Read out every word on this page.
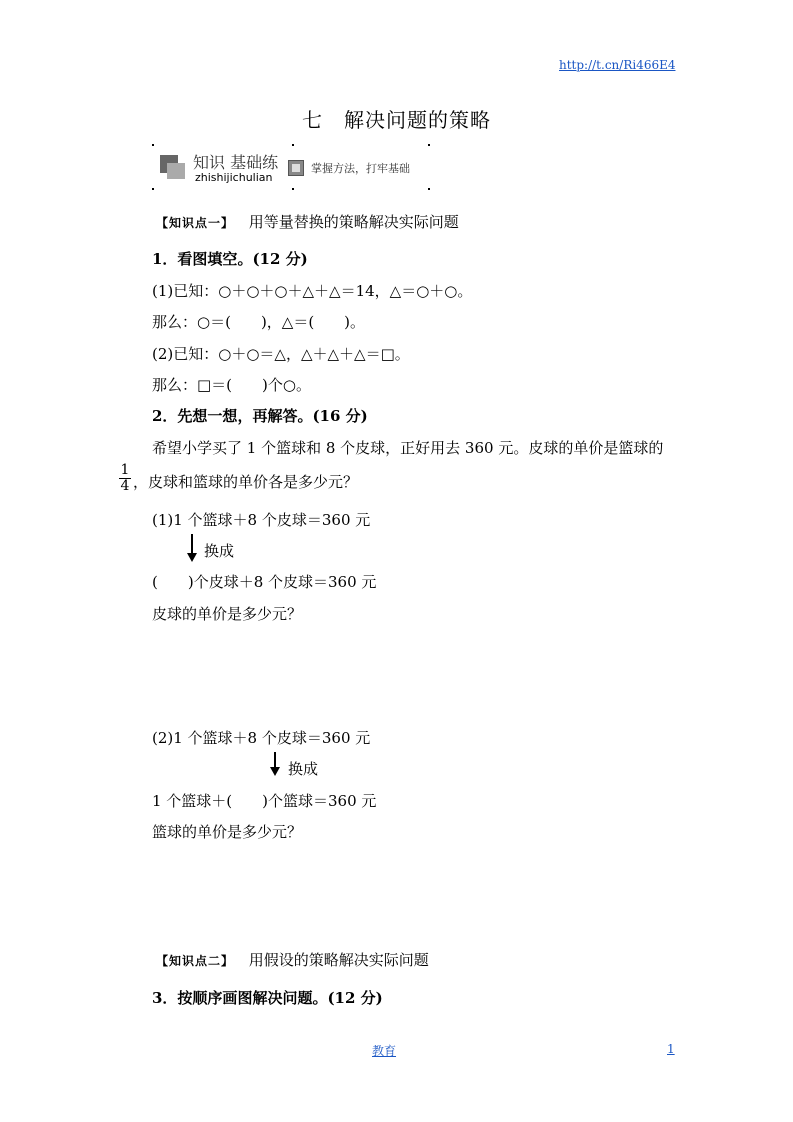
http://t.cn/Ri466E4
七　解决问题的策略
知识 基础练
zhishijichulian
掌握方法，打牢基础
【知识点一】 用等量替换的策略解决实际问题
1．看图填空。(12 分)
(1)已知：○＋○＋○＋△＋△＝14，△＝○＋○。
那么：○＝(　　)，△＝(　　)。
(2)已知：○＋○＝△，△＋△＋△＝□。
那么：□＝(　　)个○。
2．先想一想，再解答。(16 分)
希望小学买了 1 个篮球和 8 个皮球，正好用去 360 元。皮球的单价是篮球的
1
4 ，皮球和篮球的单价各是多少元？
(1)1 个篮球＋8 个皮球＝360 元
换成
(　　)个皮球＋8 个皮球＝360 元
皮球的单价是多少元？
(2)1 个篮球＋8 个皮球＝360 元
换成
1 个篮球＋(　　)个篮球＝360 元
篮球的单价是多少元？
【知识点二】 用假设的策略解决实际问题
3．按顺序画图解决问题。(12 分)
教育	1
